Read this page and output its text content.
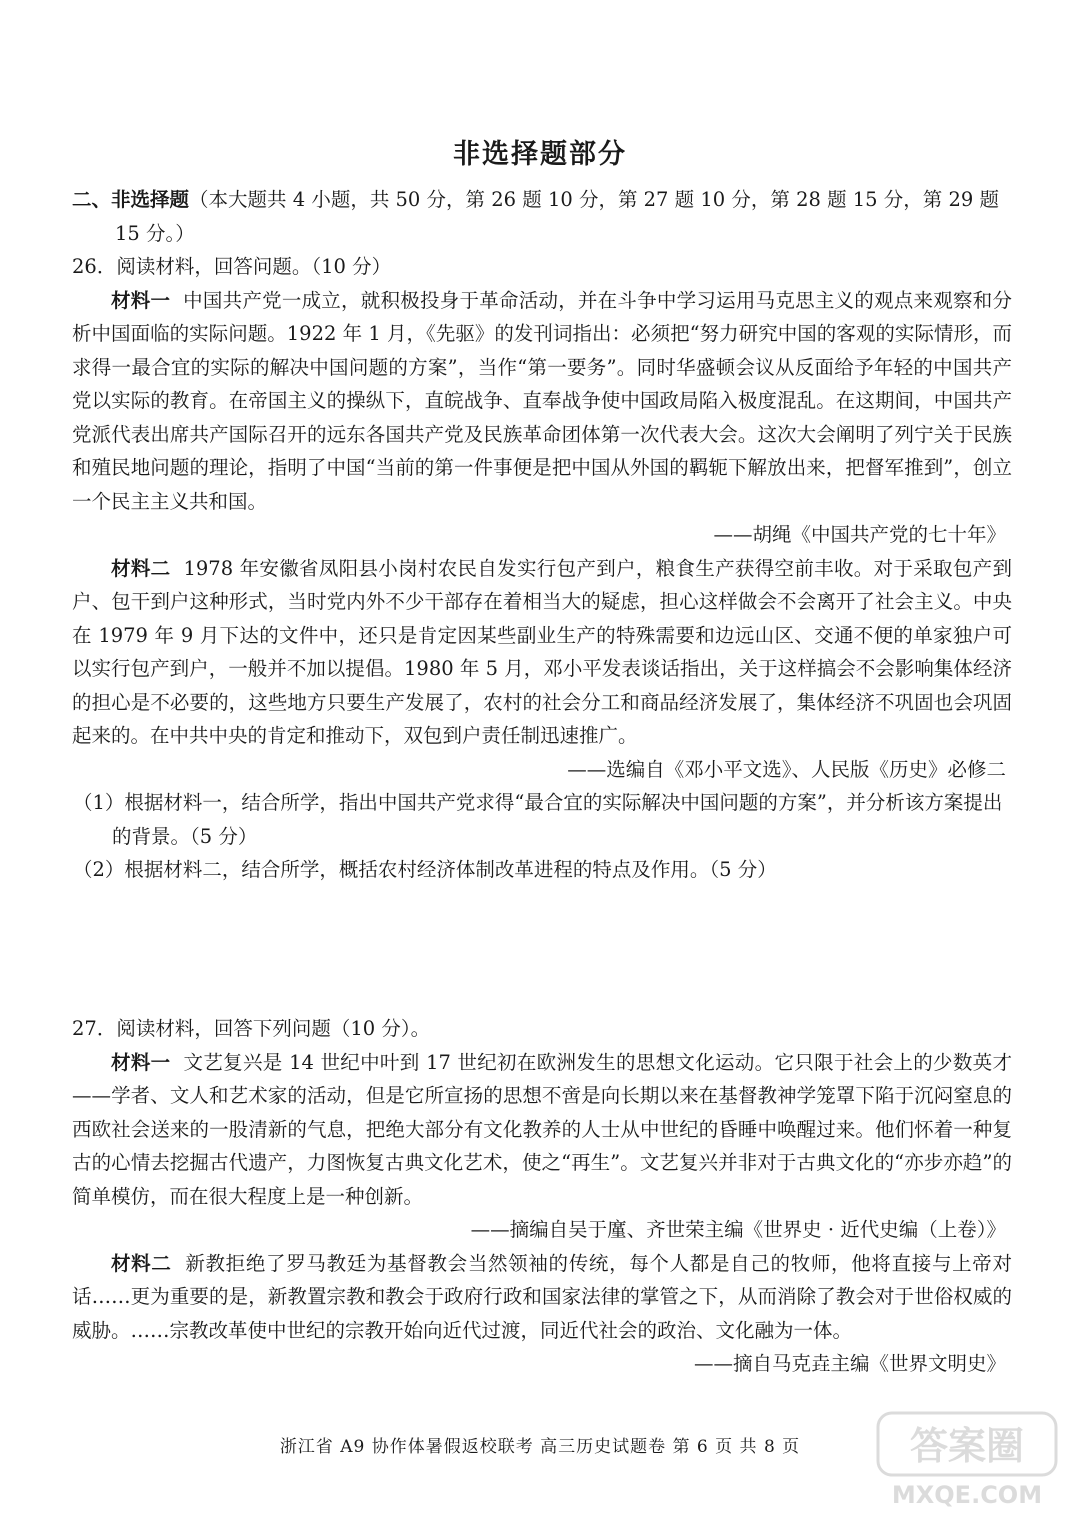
非选择题部分

二、非选择题（本大题共 4 小题，共 50 分，第 26 题 10 分，第 27 题 10 分，第 28 题 15 分，第 29 题 15 分。）

26．阅读材料，回答问题。（10 分）

材料一 中国共产党一成立，就积极投身于革命活动，并在斗争中学习运用马克思主义的观点来观察和分析中国面临的实际问题。1922 年 1 月，《先驱》的发刊词指出：必须把“努力研究中国的客观的实际情形，而求得一最合宜的实际的解决中国问题的方案”，当作“第一要务”。同时华盛顿会议从反面给予年轻的中国共产党以实际的教育。在帝国主义的操纵下，直皖战争、直奉战争使中国政局陷入极度混乱。在这期间，中国共产党派代表出席共产国际召开的远东各国共产党及民族革命团体第一次代表大会。这次大会阐明了列宁关于民族和殖民地问题的理论，指明了中国“当前的第一件事便是把中国从外国的羁轭下解放出来，把督军推到”，创立一个民主主义共和国。

——胡绳《中国共产党的七十年》

材料二 1978 年安徽省凤阳县小岗村农民自发实行包产到户，粮食生产获得空前丰收。对于采取包产到户、包干到户这种形式，当时党内外不少干部存在着相当大的疑虑，担心这样做会不会离开了社会主义。中央在 1979 年 9 月下达的文件中，还只是肯定因某些副业生产的特殊需要和边远山区、交通不便的单家独户可以实行包产到户，一般并不加以提倡。1980 年 5 月，邓小平发表谈话指出，关于这样搞会不会影响集体经济的担心是不必要的，这些地方只要生产发展了，农村的社会分工和商品经济发展了，集体经济不巩固也会巩固起来的。在中共中央的肯定和推动下，双包到户责任制迅速推广。

——选编自《邓小平文选》、人民版《历史》必修二

（1）根据材料一，结合所学，指出中国共产党求得“最合宜的实际解决中国问题的方案”，并分析该方案提出的背景。（5 分）

（2）根据材料二，结合所学，概括农村经济体制改革进程的特点及作用。（5 分）

27．阅读材料，回答下列问题（10 分）。

材料一 文艺复兴是 14 世纪中叶到 17 世纪初在欧洲发生的思想文化运动。它只限于社会上的少数英才——学者、文人和艺术家的活动，但是它所宣扬的思想不啻是向长期以来在基督教神学笼罩下陷于沉闷窒息的西欧社会送来的一股清新的气息，把绝大部分有文化教养的人士从中世纪的昏睡中唤醒过来。他们怀着一种复古的心情去挖掘古代遗产，力图恢复古典文化艺术，使之“再生”。文艺复兴并非对于古典文化的“亦步亦趋”的简单模仿，而在很大程度上是一种创新。

——摘编自吴于廑、齐世荣主编《世界史 · 近代史编（上卷）》

材料二 新教拒绝了罗马教廷为基督教会当然领袖的传统，每个人都是自己的牧师，他将直接与上帝对话……更为重要的是，新教置宗教和教会于政府行政和国家法律的掌管之下，从而消除了教会对于世俗权威的威胁。……宗教改革使中世纪的宗教开始向近代过渡，同近代社会的政治、文化融为一体。

——摘自马克垚主编《世界文明史》

浙江省 A9 协作体暑假返校联考 高三历史试题卷 第 6 页 共 8 页	答案圈
MXQE.COM
